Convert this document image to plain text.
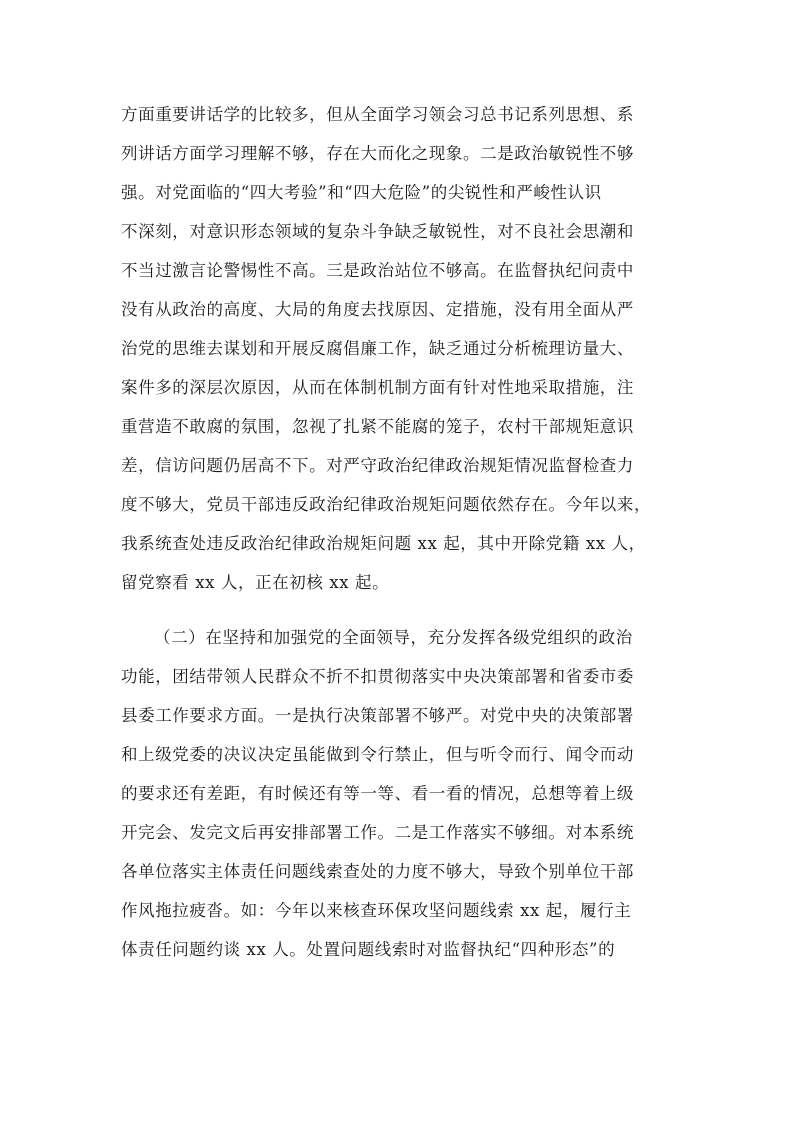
方面重要讲话学的比较多，但从全面学习领会习总书记系列思想、系
列讲话方面学习理解不够，存在大而化之现象。二是政治敏锐性不够
强。对党面临的“四大考验”和“四大危险”的尖锐性和严峻性认识
不深刻，对意识形态领域的复杂斗争缺乏敏锐性，对不良社会思潮和
不当过激言论警惕性不高。三是政治站位不够高。在监督执纪问责中
没有从政治的高度、大局的角度去找原因、定措施，没有用全面从严
治党的思维去谋划和开展反腐倡廉工作，缺乏通过分析梳理访量大、
案件多的深层次原因，从而在体制机制方面有针对性地采取措施，注
重营造不敢腐的氛围，忽视了扎紧不能腐的笼子，农村干部规矩意识
差，信访问题仍居高不下。对严守政治纪律政治规矩情况监督检查力
度不够大，党员干部违反政治纪律政治规矩问题依然存在。今年以来，
我系统查处违反政治纪律政治规矩问题 xx 起，其中开除党籍 xx 人，
留党察看 xx 人，正在初核 xx 起。
（二）在坚持和加强党的全面领导，充分发挥各级党组织的政治
功能，团结带领人民群众不折不扣贯彻落实中央决策部署和省委市委
县委工作要求方面。一是执行决策部署不够严。对党中央的决策部署
和上级党委的决议决定虽能做到令行禁止，但与听令而行、闻令而动
的要求还有差距，有时候还有等一等、看一看的情况，总想等着上级
开完会、发完文后再安排部署工作。二是工作落实不够细。对本系统
各单位落实主体责任问题线索查处的力度不够大，导致个别单位干部
作风拖拉疲沓。如：今年以来核查环保攻坚问题线索 xx 起，履行主
体责任问题约谈 xx 人。处置问题线索时对监督执纪“四种形态”的
